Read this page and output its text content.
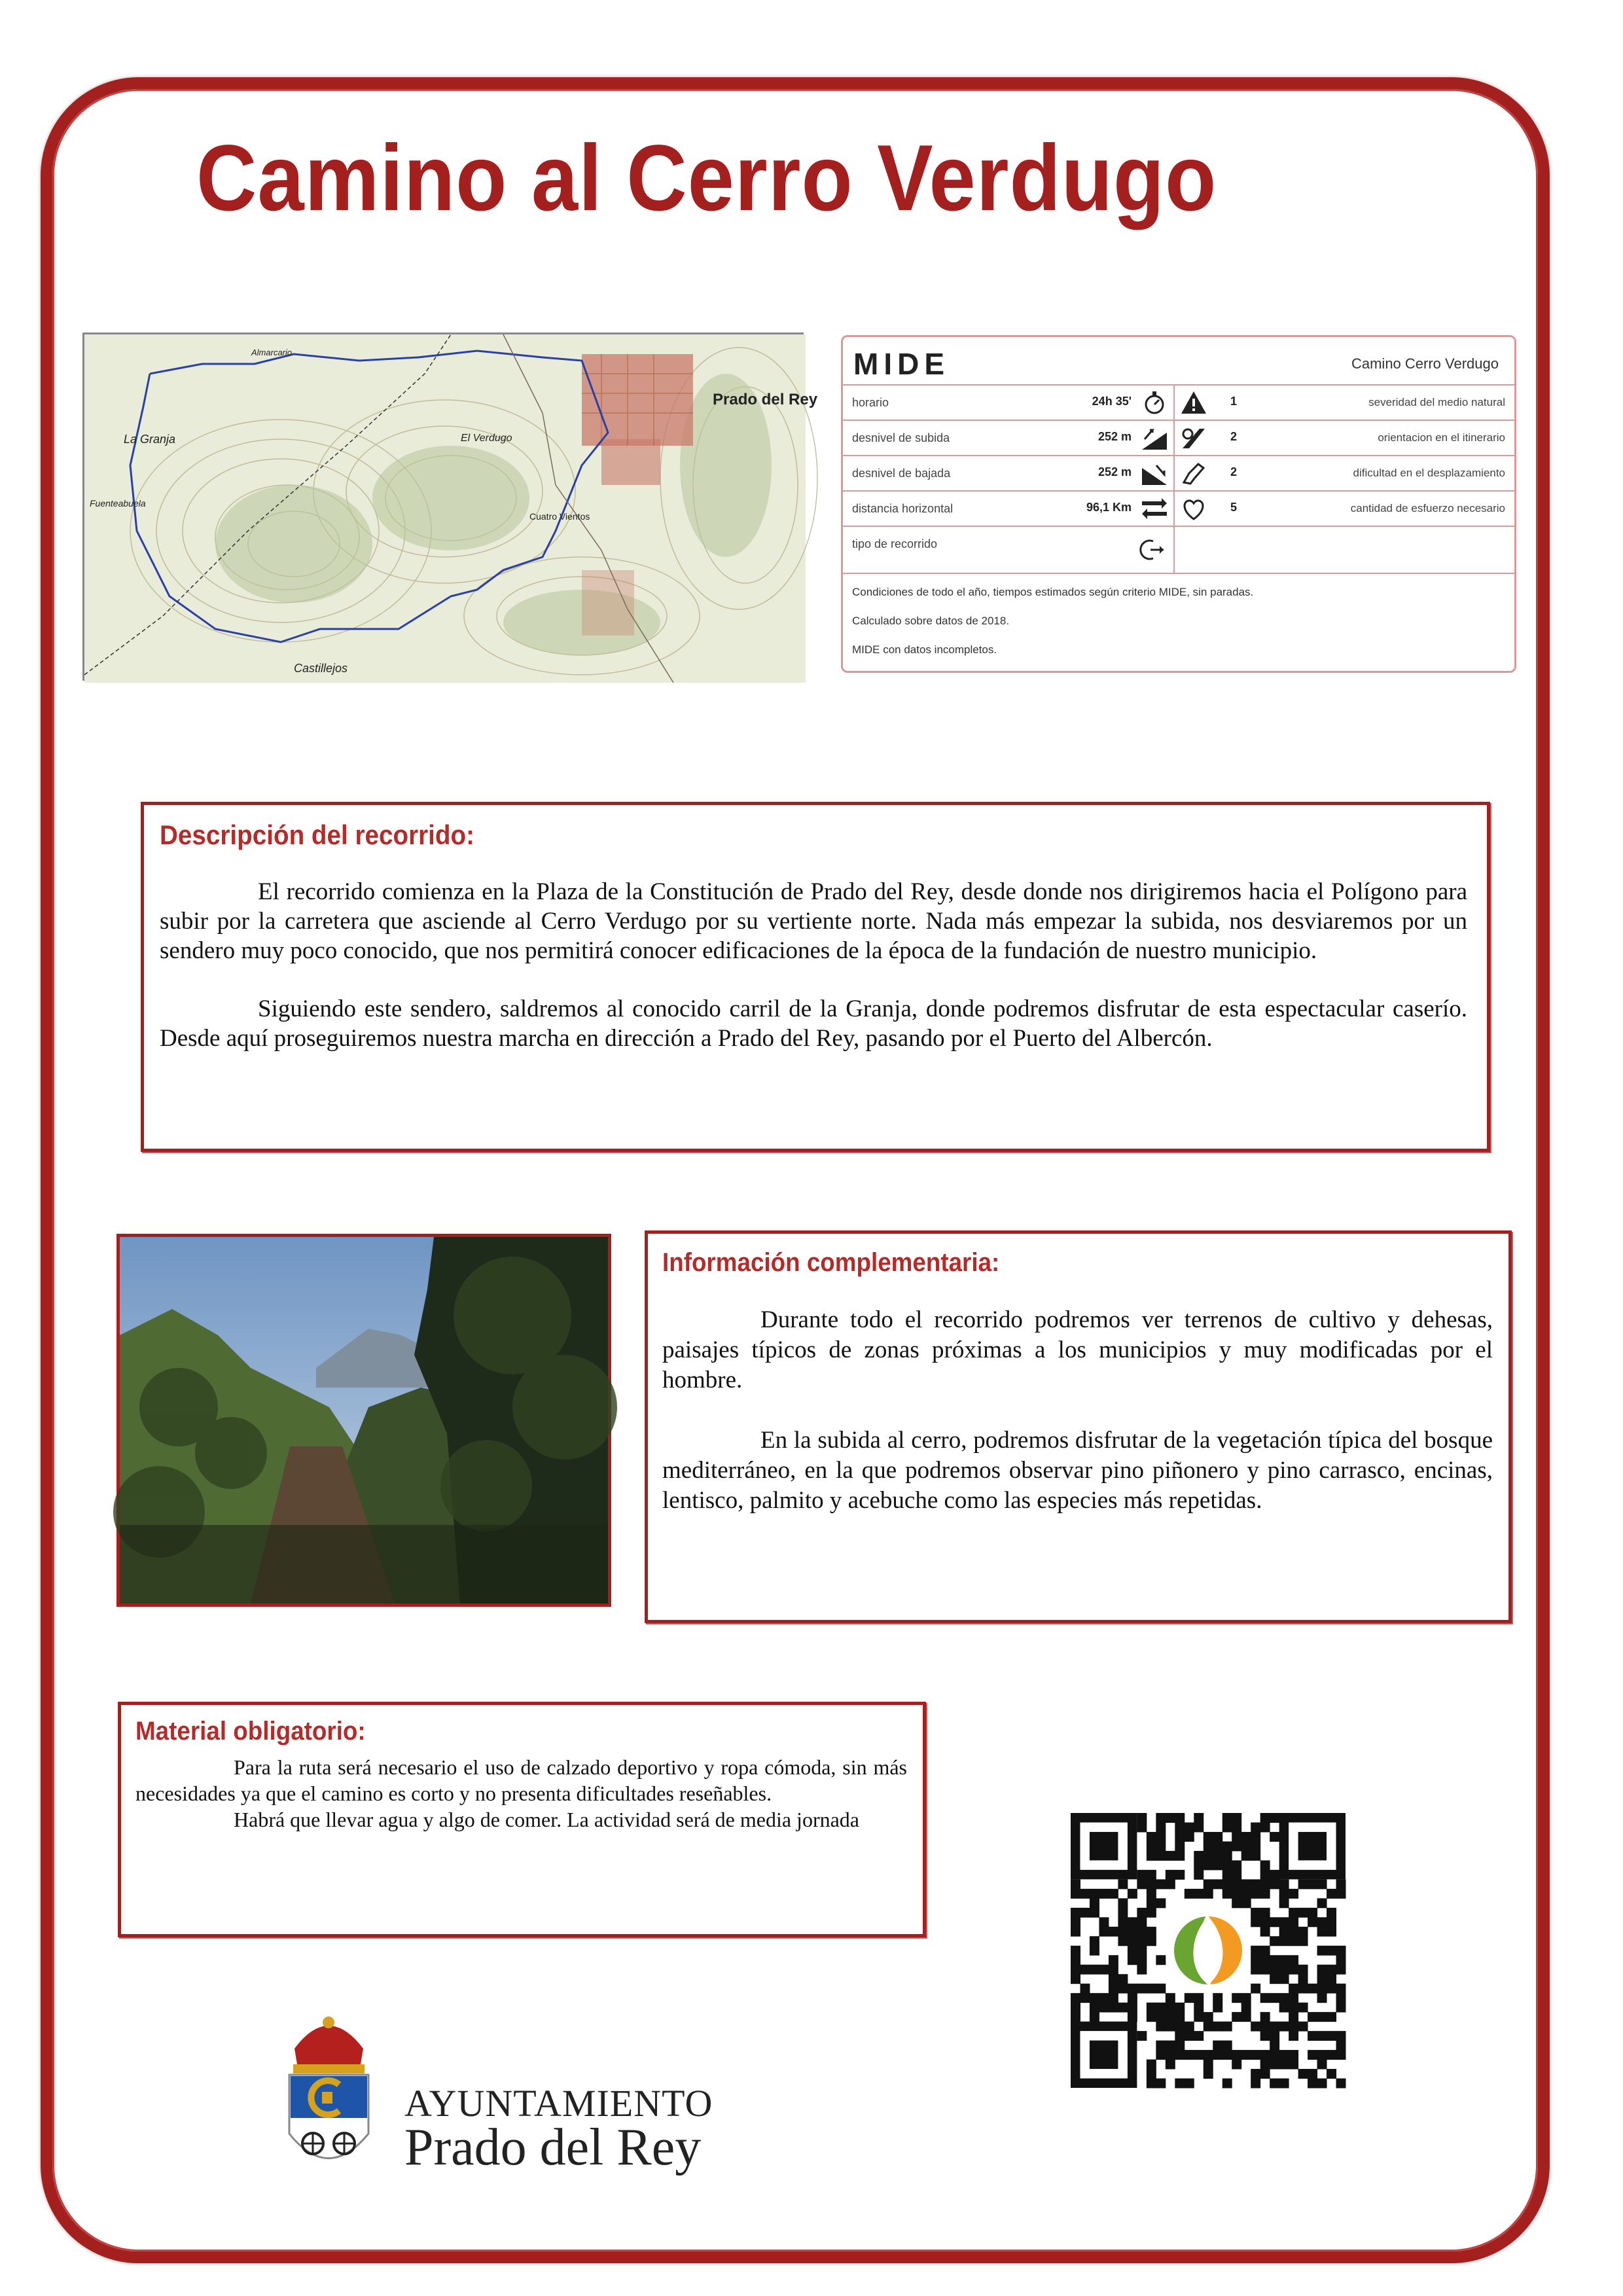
Camino al Cerro Verdugo
Prado del Rey
La Granja	El Verdugo
Castillejos
Fuenteabuela
Cuatro Vientos
Almarcario	MIDE	Camino Cerro Verdugo
horario	24h 35'	1	severidad del medio natural
desnivel de subida	252 m	2	orientacion en el itinerario
desnivel de bajada	252 m	2	dificultad en el desplazamiento
distancia horizontal	96,1 Km	5	cantidad de esfuerzo necesario
tipo de recorrido
Condiciones de todo el año, tiempos estimados según criterio MIDE, sin paradas.
Calculado sobre datos de 2018.
MIDE con datos incompletos.
Descripción del recorrido:

El recorrido comienza en la Plaza de la Constitución de Prado del Rey, desde donde nos dirigiremos hacia el Polígono para subir por la carretera que asciende al Cerro Verdugo por su vertiente norte. Nada más empezar la subida, nos desviaremos por un sendero muy poco conocido, que nos permitirá conocer edificaciones de la época de la fundación de nuestro municipio.

Siguiendo este sendero, saldremos al conocido carril de la Granja, donde podremos disfrutar de esta espectacular caserío. Desde aquí proseguiremos nuestra marcha en dirección a Prado del Rey, pasando por el Puerto del Albercón.

Información complementaria:

Durante todo el recorrido podremos ver terrenos de cultivo y dehesas, paisajes típicos de zonas próximas a los municipios y muy modificadas por el hombre.

En la subida al cerro, podremos disfrutar de la vegetación típica del bosque mediterráneo, en la que podremos observar pino piñonero y pino carrasco, encinas, lentisco, palmito y acebuche como las especies más repetidas.

Material obligatorio:

Para la ruta será necesario el uso de calzado deportivo y ropa cómoda, sin más necesidades ya que el camino es corto y no presenta dificultades reseñables.

Habrá que llevar agua y algo de comer. La actividad será de media jornada

AYUNTAMIENTO
Prado del Rey
